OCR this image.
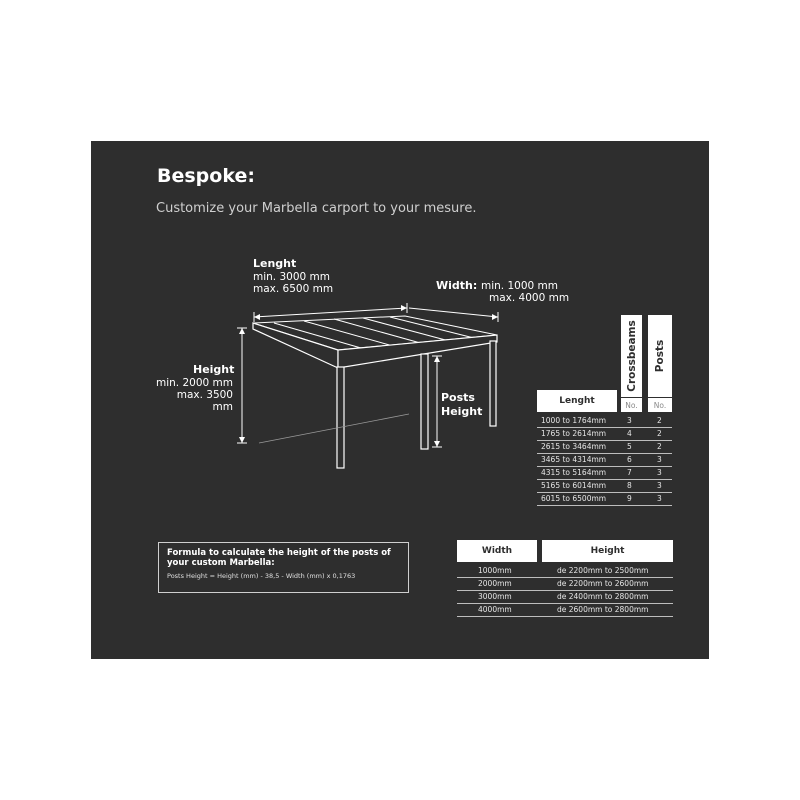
Bespoke:
Customize your Marbella carport to your mesure.
Lenght
min. 3000 mm
max. 6500 mm	Width: min. 1000 mm
max. 4000 mm
Height
min. 2000 mm
max. 3500 mm
Posts
Height
Lenght
Crossbeams Posts
No.	No.
1000 to 1764mm	3	2
1765 to 2614mm	4	2
2615 to 3464mm	5	2
3465 to 4314mm	6	3
4315 to 5164mm	7	3
5165 to 6014mm	8	3
6015 to 6500mm	9	3
Formula to calculate the height of the posts of your custom Marbella:
Posts Height = Height (mm) - 38,5 - Width (mm) x 0,1763
Width	Height
1000mm	de 2200mm to 2500mm
2000mm	de 2200mm to 2600mm
3000mm	de 2400mm to 2800mm
4000mm	de 2600mm to 2800mm
